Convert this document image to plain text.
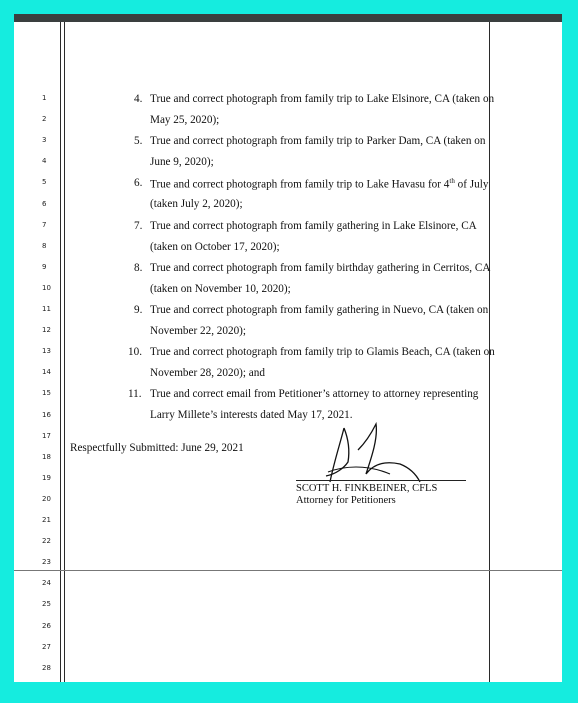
1
2
3
4
5
6
7
8
9
10
11
12
13
14
15
16
17
18
19
20
21
22
23
24
25
26
27
28
4. True and correct photograph from family trip to Lake Elsinore, CA (taken on
May 25, 2020);
5. True and correct photograph from family trip to Parker Dam, CA (taken on
June 9, 2020);
6. True and correct photograph from family trip to Lake Havasu for 4th of July
(taken July 2, 2020);
7. True and correct photograph from family gathering in Lake Elsinore, CA
(taken on October 17, 2020);
8. True and correct photograph from family birthday gathering in Cerritos, CA
(taken on November 10, 2020);
9. True and correct photograph from family gathering in Nuevo, CA (taken on
November 22, 2020);
10. True and correct photograph from family trip to Glamis Beach, CA (taken on
November 28, 2020); and
11. True and correct email from Petitioner’s attorney to attorney representing
Larry Millete’s interests dated May 17, 2021.
Respectfully Submitted: June 29, 2021
SCOTT H. FINKBEINER, CFLS
Attorney for Petitioners
